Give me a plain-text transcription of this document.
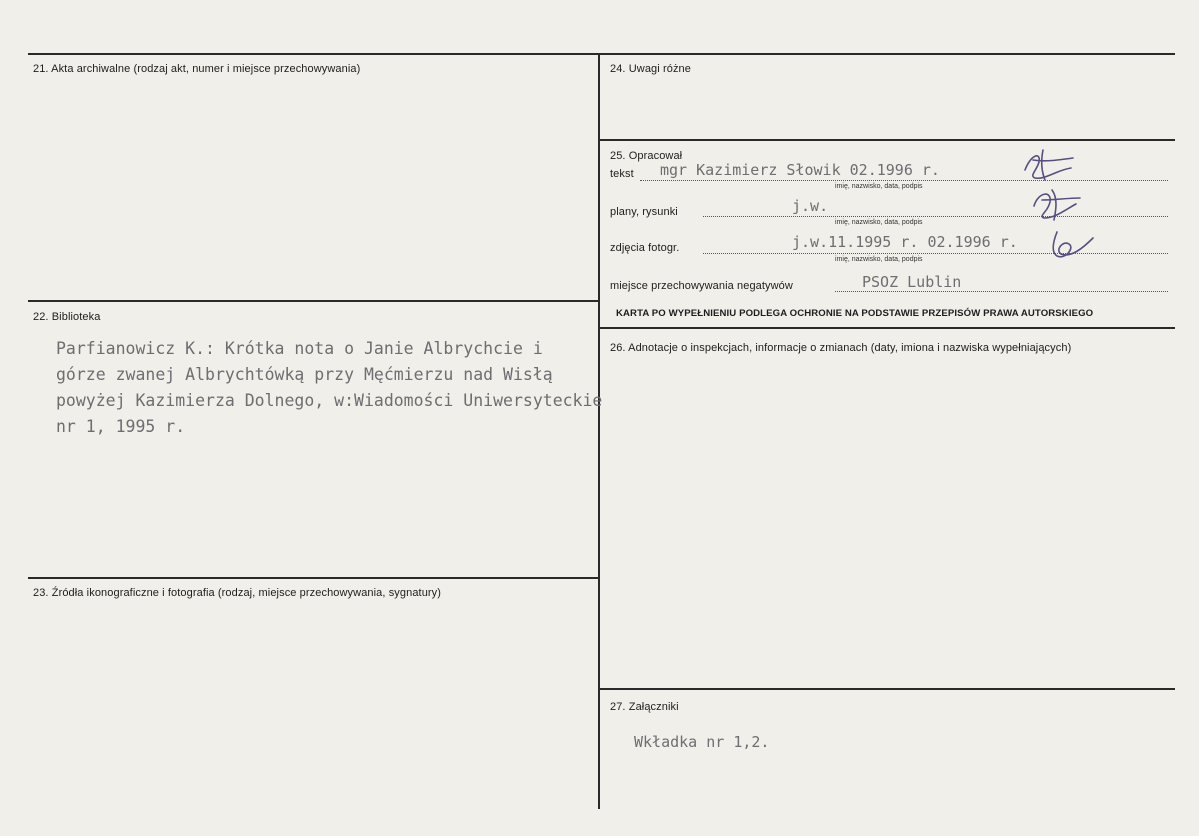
21. Akta archiwalne (rodzaj akt, numer i miejsce przechowywania)
22. Biblioteka
Parfianowicz K.: Krótka nota o Janie Albrychcie i
górze zwanej Albrychtówką przy Męćmierzu nad Wisłą
powyżej Kazimierza Dolnego, w:Wiadomości Uniwersyteckie
nr 1, 1995 r.
23. Źródła ikonograficzne i fotografia (rodzaj, miejsce przechowywania, sygnatury)
24. Uwagi różne
25. Opracował
tekst mgr Kazimierz Słowik 02.1996 r.
imię, nazwisko, data, podpis
plany, rysunki	j.w.
imię, nazwisko, data, podpis
zdjęcia fotogr.	j.w.11.1995 r. 02.1996 r.
imię, nazwisko, data, podpis
miejsce przechowywania negatywów	PSOZ Lublin
KARTA PO WYPEŁNIENIU PODLEGA OCHRONIE NA PODSTAWIE PRZEPISÓW PRAWA AUTORSKIEGO
26. Adnotacje o inspekcjach, informacje o zmianach (daty, imiona i nazwiska wypełniających)
27. Załączniki
Wkładka nr 1,2.
